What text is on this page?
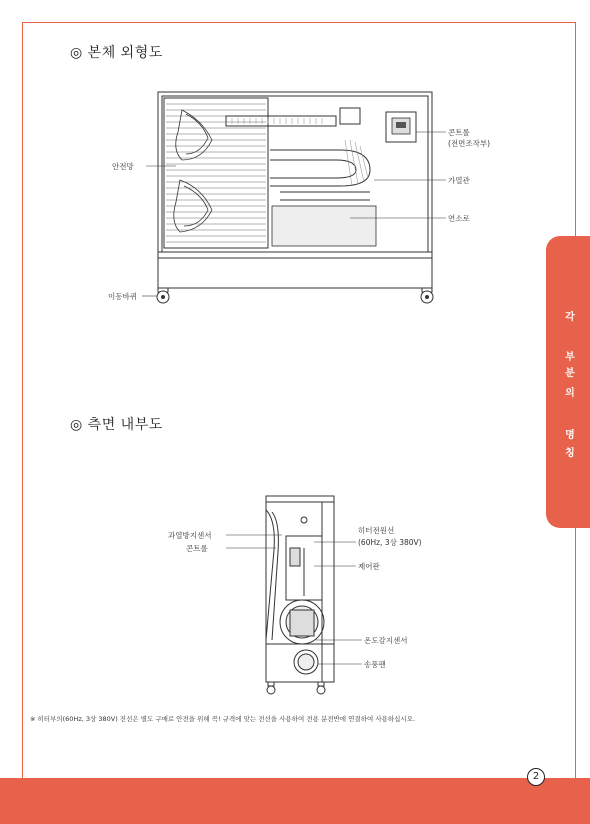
◎ 본체 외형도
콘트롤
(전면조작부)
안전망
가열관
연소로
이동바퀴
각
부
분
의
명
칭
◎ 측면 내부도
과열방지센서
콘트롤
히터전원선
(60Hz, 3상 380V)
제어판
온도감지센서
송풍팬
※ 히터부의(60Hz, 3상 380V) 전선은 별도 구매로 안전을 위해 꼭! 규격에 맞는 전선을 사용하여 전용 분전반에 연결하여 사용하십시오.
2
